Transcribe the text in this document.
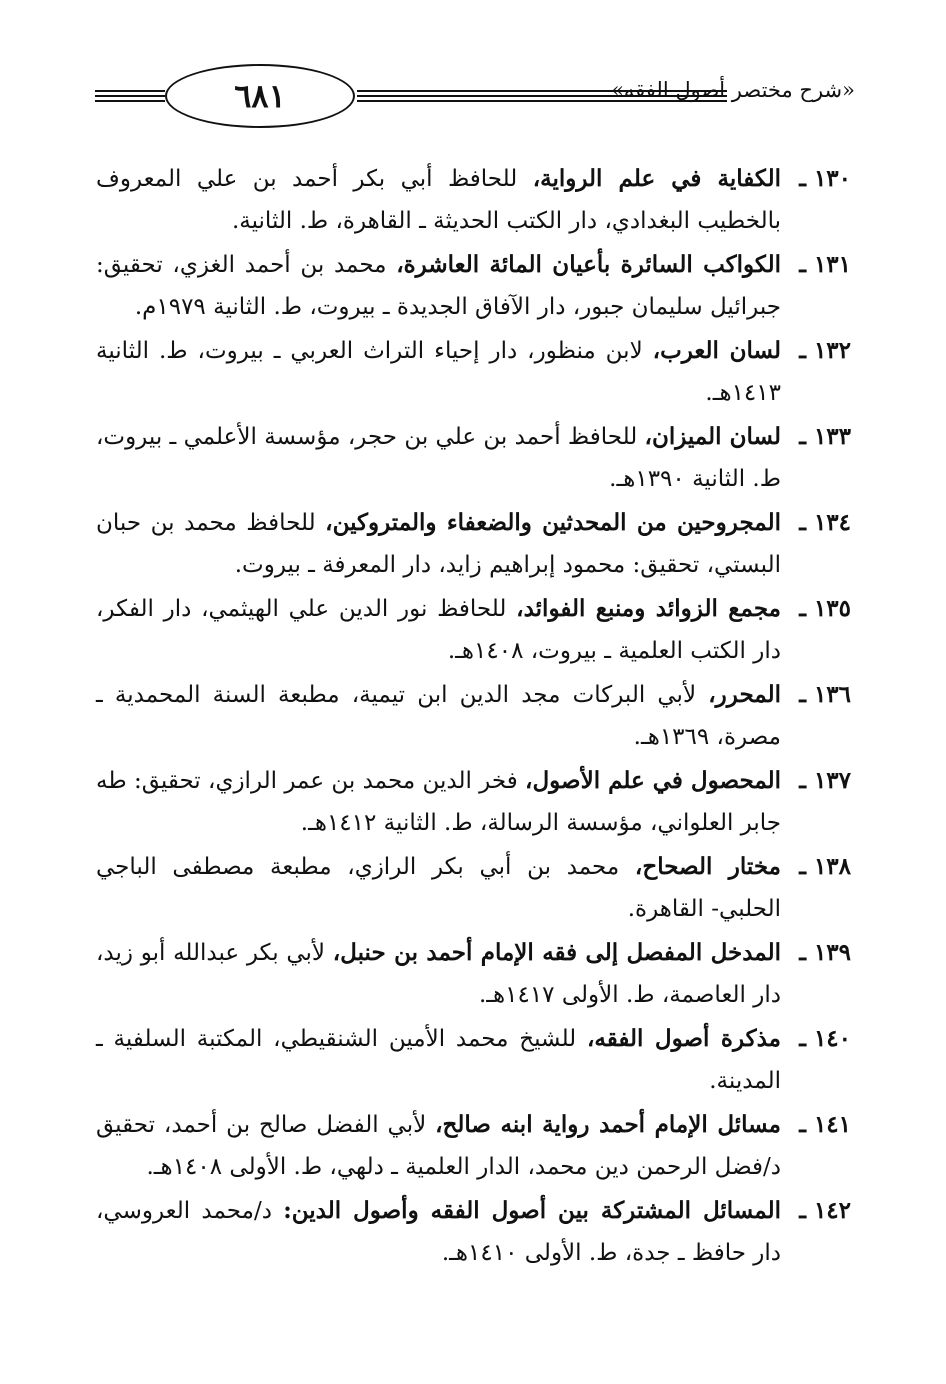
٦٨١	«شرح مختصر أصول الفقه»

١٣٠ ـ
الكفاية في علم الرواية، للحافظ أبي بكر أحمد بن علي المعروف بالخطيب البغدادي، دار الكتب الحديثة ـ القاهرة، ط. الثانية.

١٣١ ـ
الكواكب السائرة بأعيان المائة العاشرة، محمد بن أحمد الغزي، تحقيق: جبرائيل سليمان جبور، دار الآفاق الجديدة ـ بيروت، ط. الثانية ١٩٧٩م.

١٣٢ ـ
لسان العرب، لابن منظور، دار إحياء التراث العربي ـ بيروت، ط. الثانية ١٤١٣هـ.

١٣٣ ـ
لسان الميزان، للحافظ أحمد بن علي بن حجر، مؤسسة الأعلمي ـ بيروت، ط. الثانية ١٣٩٠هـ.

١٣٤ ـ
المجروحين من المحدثين والضعفاء والمتروكين، للحافظ محمد بن حبان البستي، تحقيق: محمود إبراهيم زايد، دار المعرفة ـ بيروت.

١٣٥ ـ
مجمع الزوائد ومنبع الفوائد، للحافظ نور الدين علي الهيثمي، دار الفكر، دار الكتب العلمية ـ بيروت، ١٤٠٨هـ.

١٣٦ ـ
المحرر، لأبي البركات مجد الدين ابن تيمية، مطبعة السنة المحمدية ـ مصرة، ١٣٦٩هـ.

١٣٧ ـ
المحصول في علم الأصول، فخر الدين محمد بن عمر الرازي، تحقيق: طه جابر العلواني، مؤسسة الرسالة، ط. الثانية ١٤١٢هـ.

١٣٨ ـ
مختار الصحاح، محمد بن أبي بكر الرازي، مطبعة مصطفى الباجي الحلبي- القاهرة.

١٣٩ ـ
المدخل المفصل إلى فقه الإمام أحمد بن حنبل، لأبي بكر عبدالله أبو زيد، دار العاصمة، ط. الأولى ١٤١٧هـ.

١٤٠ ـ
مذكرة أصول الفقه، للشيخ محمد الأمين الشنقيطي، المكتبة السلفية ـ المدينة.

١٤١ ـ
مسائل الإمام أحمد رواية ابنه صالح، لأبي الفضل صالح بن أحمد، تحقيق د/فضل الرحمن دين محمد، الدار العلمية ـ دلهي، ط. الأولى ١٤٠٨هـ.

١٤٢ ـ
المسائل المشتركة بين أصول الفقه وأصول الدين: د/محمد العروسي، دار حافظ ـ جدة، ط. الأولى ١٤١٠هـ.
